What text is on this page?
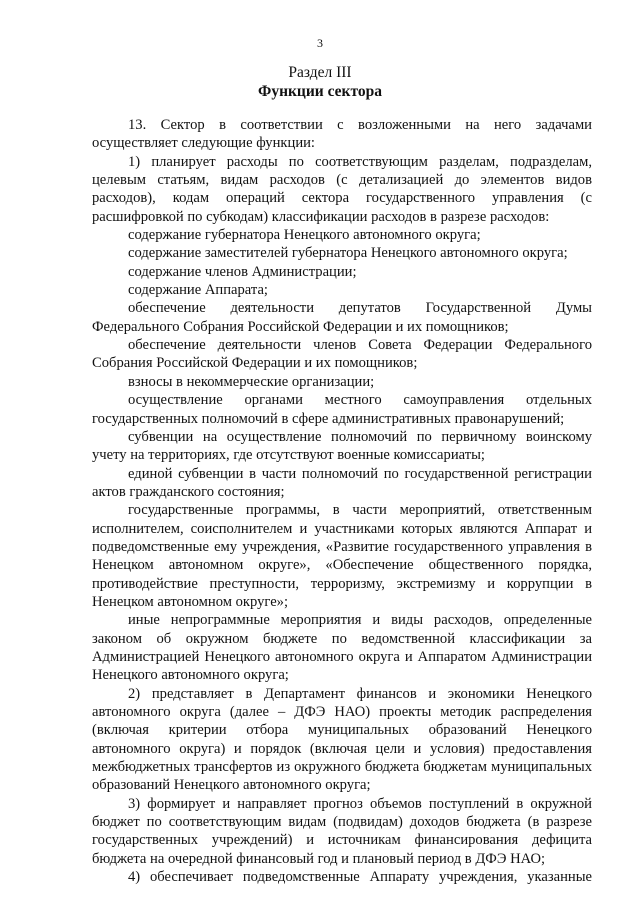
3
Раздел III
Функции сектора

13. Сектор в соответствии с возложенными на него задачами осуществляет следующие функции:

1) планирует расходы по соответствующим разделам, подразделам, целевым статьям, видам расходов (с детализацией до элементов видов расходов), кодам операций сектора государственного управления (с расшифровкой по субкодам) классификации расходов в разрезе расходов:

содержание губернатора Ненецкого автономного округа;

содержание заместителей губернатора Ненецкого автономного округа;

содержание членов Администрации;

содержание Аппарата;

обеспечение деятельности депутатов Государственной Думы Федерального Собрания Российской Федерации и их помощников;

обеспечение деятельности членов Совета Федерации Федерального Собрания Российской Федерации и их помощников;

взносы в некоммерческие организации;

осуществление органами местного самоуправления отдельных государственных полномочий в сфере административных правонарушений;

субвенции на осуществление полномочий по первичному воинскому учету на территориях, где отсутствуют военные комиссариаты;

единой субвенции в части полномочий по государственной регистрации актов гражданского состояния;

государственные программы, в части мероприятий, ответственным исполнителем, соисполнителем и участниками которых являются Аппарат и подведомственные ему учреждения, «Развитие государственного управления в Ненецком автономном округе», «Обеспечение общественного порядка, противодействие преступности, терроризму, экстремизму и коррупции в Ненецком автономном округе»;

иные непрограммные мероприятия и виды расходов, определенные законом об окружном бюджете по ведомственной классификации за Администрацией Ненецкого автономного округа и Аппаратом Администрации Ненецкого автономного округа;

2) представляет в Департамент финансов и экономики Ненецкого автономного округа (далее – ДФЭ НАО) проекты методик распределения (включая критерии отбора муниципальных образований Ненецкого автономного округа) и порядок (включая цели и условия) предоставления межбюджетных трансфертов из окружного бюджета бюджетам муниципальных образований Ненецкого автономного округа;

3) формирует и направляет прогноз объемов поступлений в окружной бюджет по соответствующим видам (подвидам) доходов бюджета (в разрезе государственных учреждений) и источникам финансирования дефицита бюджета на очередной финансовый год и плановый период в ДФЭ НАО;

4) обеспечивает подведомственные Аппарату учреждения, указанные
